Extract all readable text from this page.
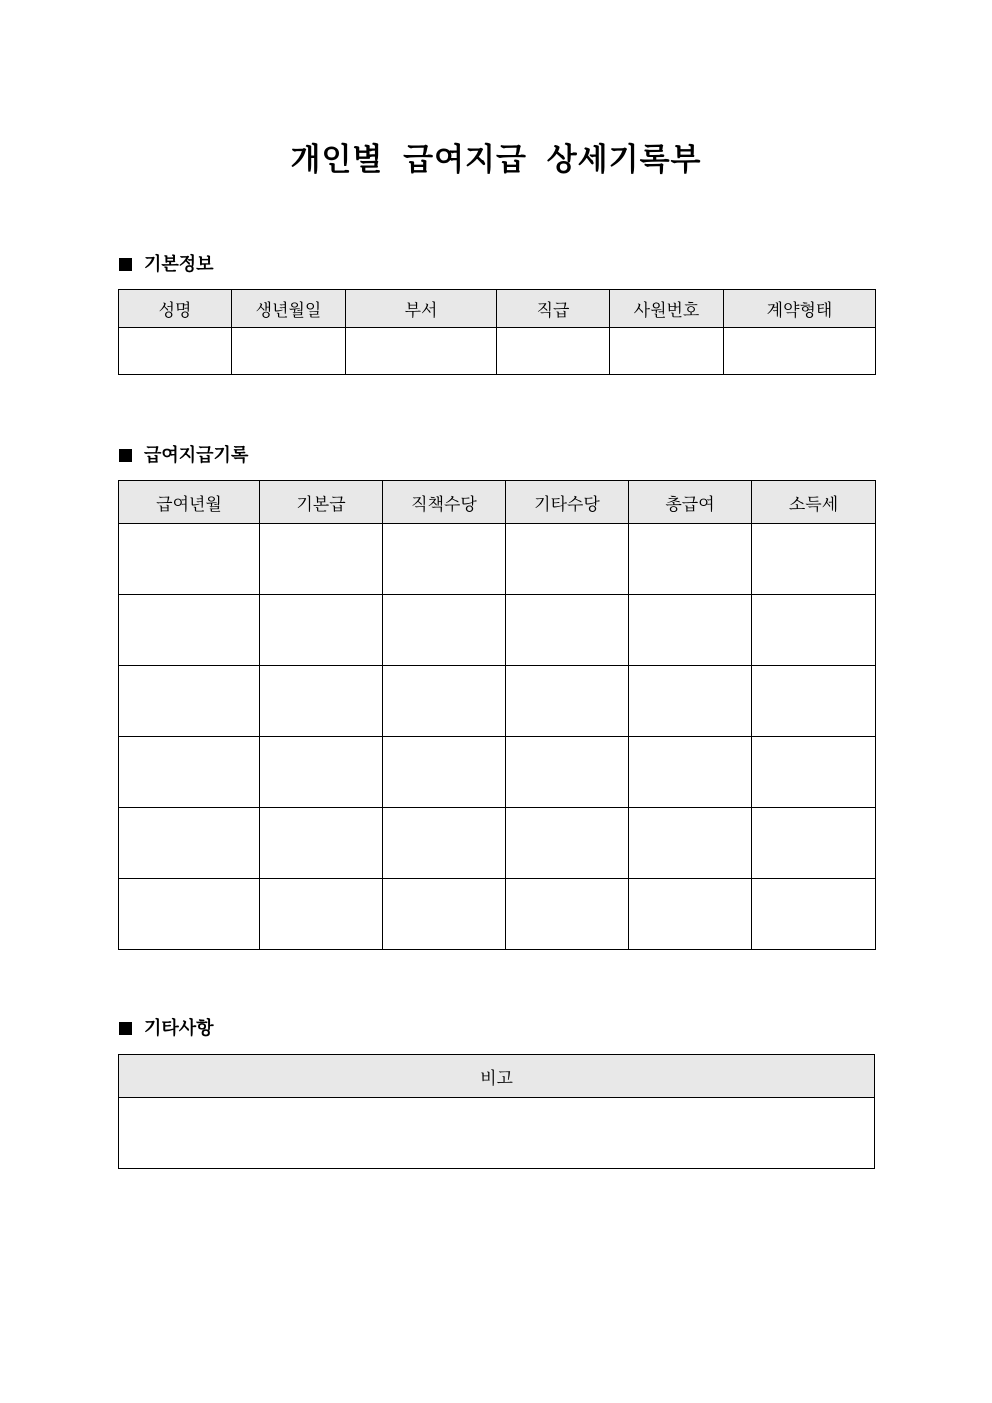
개인별 급여지급 상세기록부
기본정보
성명	생년월일	부서	직급	사원번호	계약형태

급여지급기록
급여년월	기본급	직책수당	기타수당	총급여	소득세

기타사항
비고
